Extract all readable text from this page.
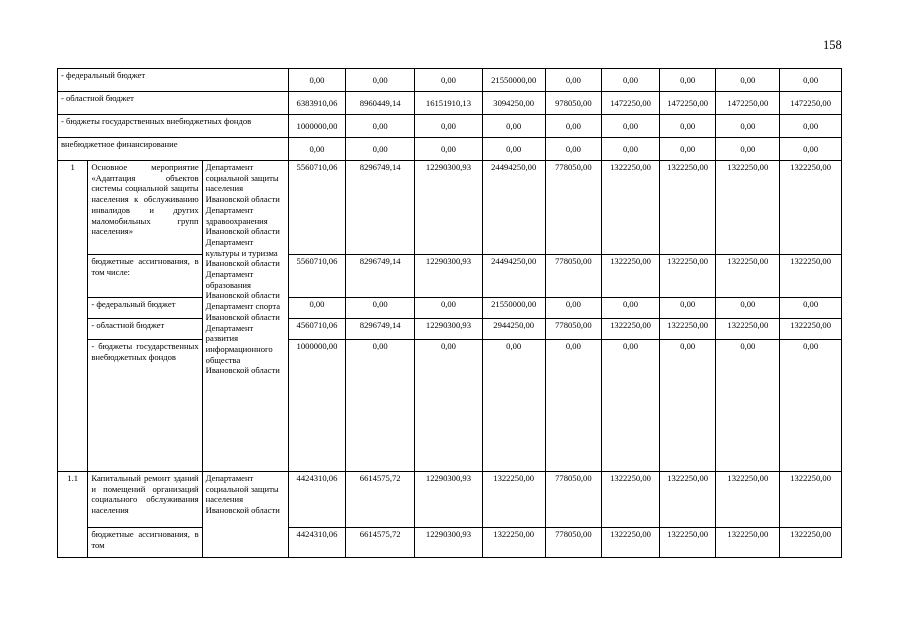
158
- федеральный бюджет			0,00	0,00	0,00	21550000,00	0,00	0,00	0,00	0,00	0,00
- областной бюджет			6383910,06	8960449,14	16151910,13	3094250,00	978050,00	1472250,00	1472250,00	1472250,00	1472250,00
- бюджеты государственных внебюджетных фондов			1000000,00	0,00	0,00	0,00	0,00	0,00	0,00	0,00	0,00
внебюджетное финансирование			0,00	0,00	0,00	0,00	0,00	0,00	0,00	0,00	0,00
1	Основное мероприятие «Адаптация объектов системы социальной защиты населения к обслуживанию инвалидов и других маломобильных групп населения»	Департамент социальной защиты населения Ивановской области Департамент здравоохранения Ивановской области Департамент культуры и туризма Ивановской области Департамент образования Ивановской области Департамент спорта Ивановской области Департамент развития информационного общества Ивановской области	5560710,06	8296749,14	12290300,93	24494250,00	778050,00	1322250,00	1322250,00	1322250,00	1322250,00
	бюджетные ассигнования, в том числе:		5560710,06	8296749,14	12290300,93	24494250,00	778050,00	1322250,00	1322250,00	1322250,00	1322250,00
	- федеральный бюджет		0,00	0,00	0,00	21550000,00	0,00	0,00	0,00	0,00	0,00
	- областной бюджет		4560710,06	8296749,14	12290300,93	2944250,00	778050,00	1322250,00	1322250,00	1322250,00	1322250,00
	- бюджеты государственных внебюджетных фондов		1000000,00	0,00	0,00	0,00	0,00	0,00	0,00	0,00	0,00
1.1	Капитальный ремонт зданий и помещений организаций социального обслуживания населения	Департамент социальной защиты населения Ивановской области	4424310,06	6614575,72	12290300,93	1322250,00	778050,00	1322250,00	1322250,00	1322250,00	1322250,00
	бюджетные ассигнования, в том		4424310,06	6614575,72	12290300,93	1322250,00	778050,00	1322250,00	1322250,00	1322250,00	1322250,00
